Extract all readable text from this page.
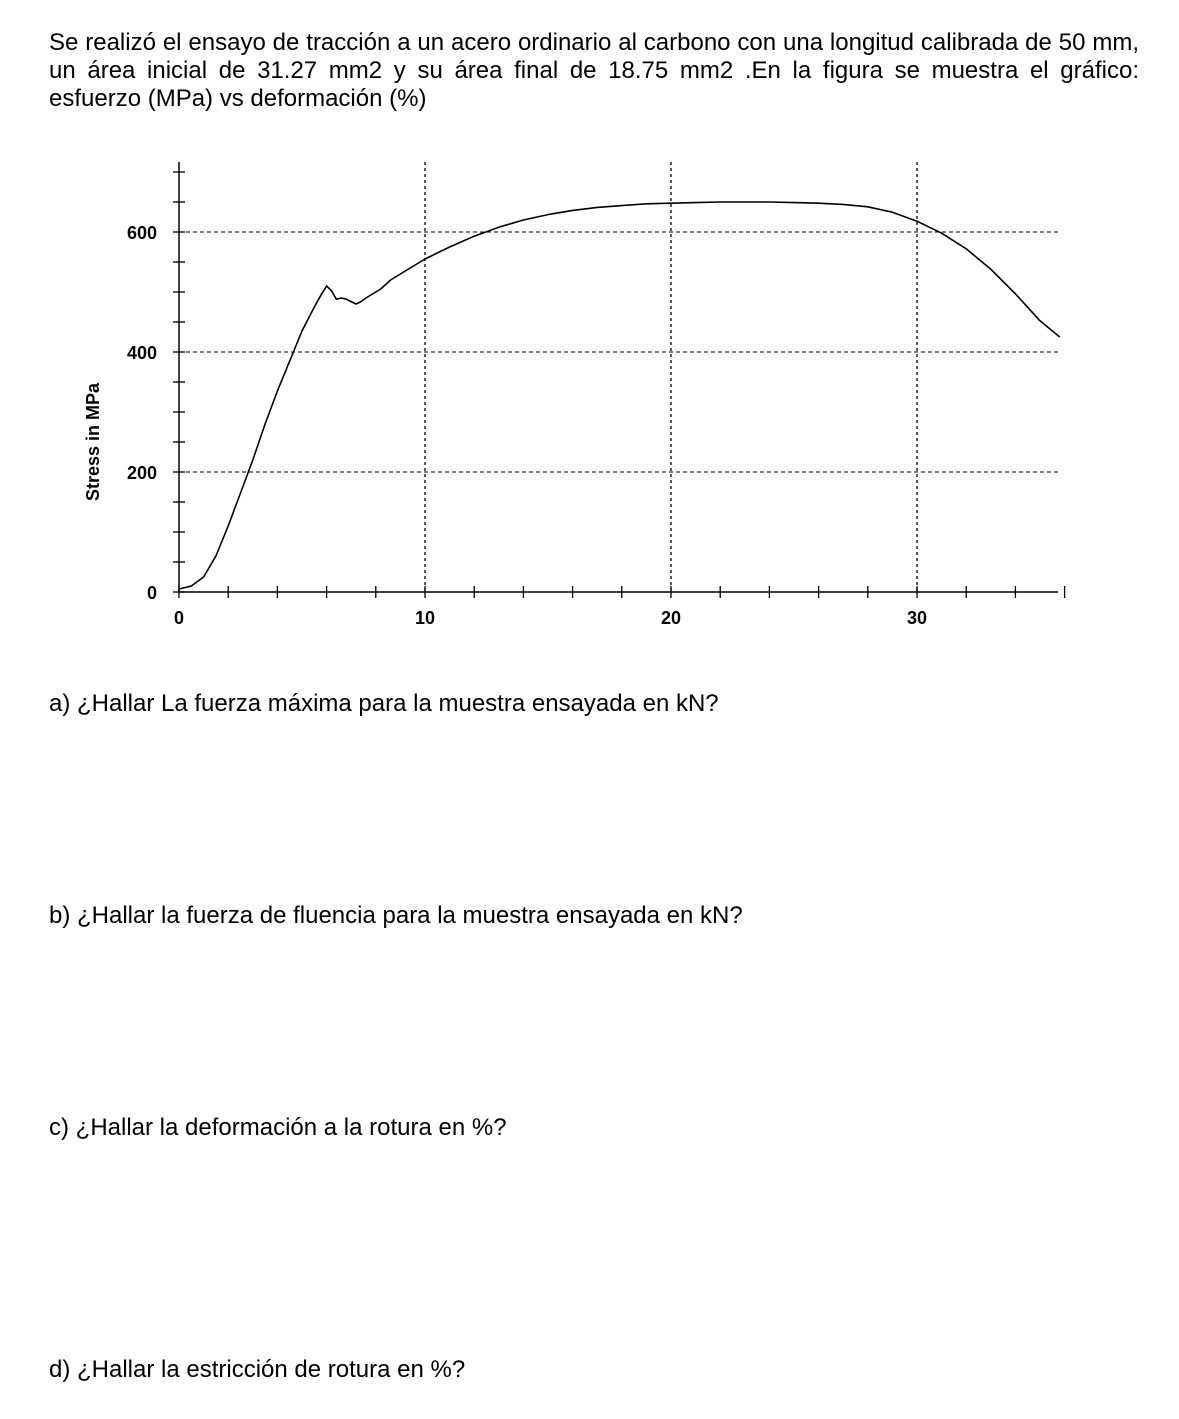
Se realizó el ensayo de tracción a un acero ordinario al carbono con una longitud calibrada de 50 mm, un área inicial de 31.27 mm2 y su área final de 18.75 mm2 .En la figura se muestra el gráfico: esfuerzo (MPa) vs deformación (%)

0	10	20	30
0
200
400
600
Stress in MPa

a) ¿Hallar La fuerza máxima para la muestra ensayada en kN?

b) ¿Hallar la fuerza de fluencia para la muestra ensayada en kN?

c) ¿Hallar la deformación a la rotura en %?

d) ¿Hallar la estricción de rotura en %?
